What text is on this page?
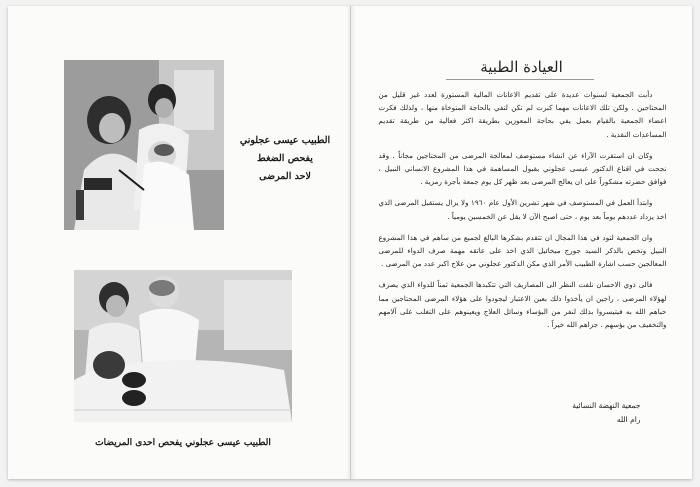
الطبيب عيسى عجلوني
يفحص الضغط
لاحد المرضى
الطبيب عيسى عجلوني يفحص احدى المريضات
العيادة الطبية

دأبت الجمعية لسنوات عديدة على تقديم الاعانات المالية المستورة لعدد غير قليل من المحتاجين . ولكن تلك الاعانات مهما كبرت لم تكن لتفي بالحاجة المتوخاة منها ، ولذلك فكرت اعضاء الجمعية بالقيام بعمل يفي بحاجة المعوزين بطريقة اكثر فعالية من طريقة تقديم المساعدات النقدية .

وكان ان استقرت الآراء عن انشاء مستوصف لمعالجة المرضى من المحتاجين مجاناً . وقد نجحت في اقناع الدكتور عيسى عجلوني بقبول المساهمة في هذا المشروع الانساني النبيل ، فوافق حضرته مشكوراً على ان يعالج المرضى بعد ظهر كل يوم جمعة بأجرة رمزية .

وابتدأ العمل في المستوصف في شهر تشرين الأول عام ١٩٦٠ ولا يزال يستقبل المرضى الذي اخذ يزداد عددهم يوماً بعد يوم ، حتى اصبح الآن لا يقل عن الخمسين يومياً .

وان الجمعية لتود في هذا المجال ان تتقدم بشكرها البالغ لجميع من ساهم في هذا المشروع النبيل وتخص بالذكر السيد جورج ميخائيل الذي اخذ على عاتقه مهمة صرف الدواء للمرضى المعالجين حسب اشارة الطبيب الأمر الذي مكن الدكتور عجلوني من علاج اكبر عدد من المرضى .

فالى ذوي الاحسان نلفت النظر الى المصاريف التي تتكبدها الجمعية ثمناً للدواء الذي يصرف لهؤلاء المرضى ، راجين ان يأخذوا ذلك بعين الاعتبار ليجودوا على هؤلاء المرضى المحتاجين مما حباهم الله به فيتيسروا بذلك لنفر من البؤساء وسائل العلاج ويعينوهم على التغلب على آلامهم والتخفيف من بؤسهم . جزاهم الله خيراً .

جمعية النهضة النسائية
رام الله
